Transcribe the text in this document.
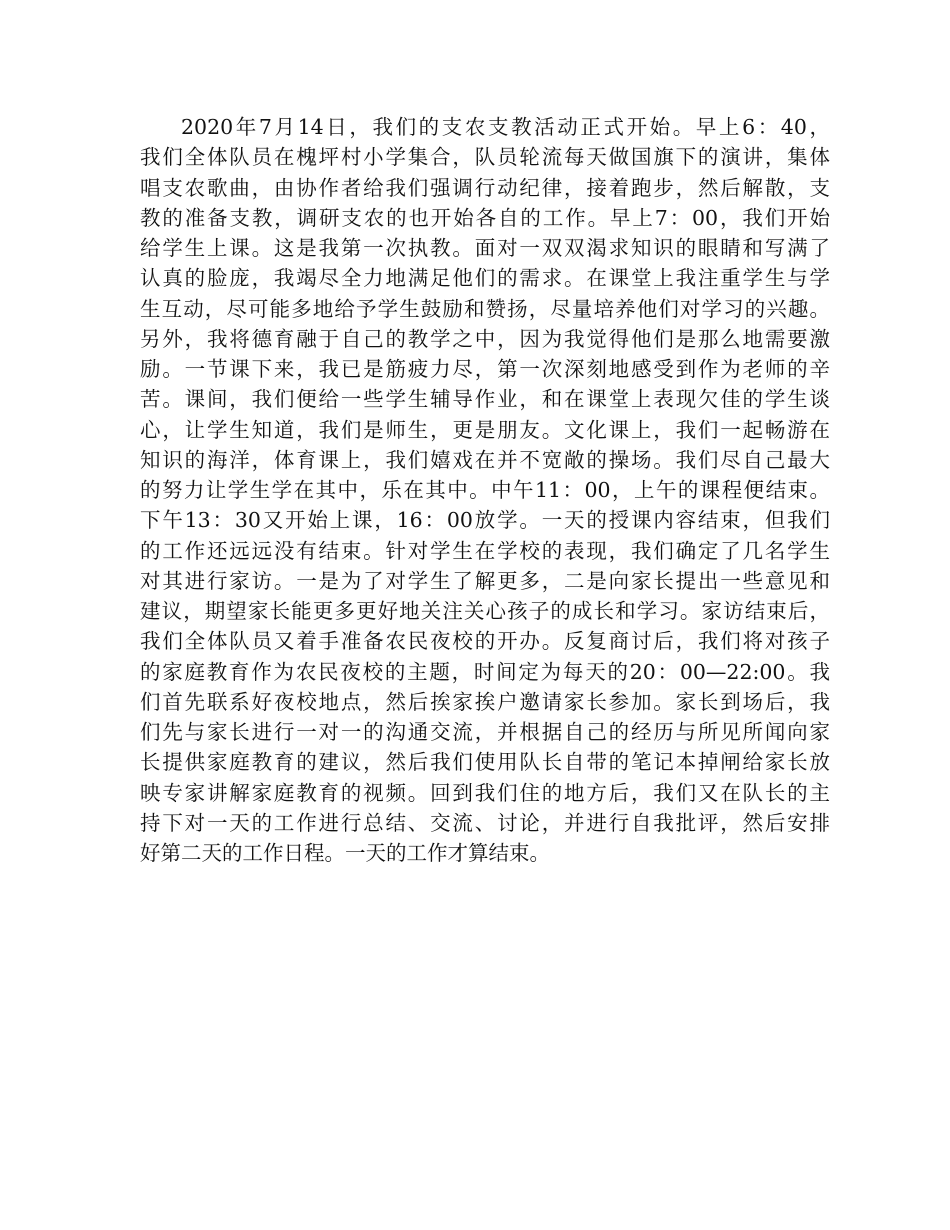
2020年7月14日，我们的支农支教活动正式开始。早上6：40，
我们全体队员在槐坪村小学集合，队员轮流每天做国旗下的演讲，集体
唱支农歌曲，由协作者给我们强调行动纪律，接着跑步，然后解散，支
教的准备支教，调研支农的也开始各自的工作。早上7：00，我们开始
给学生上课。这是我第一次执教。面对一双双渴求知识的眼睛和写满了
认真的脸庞，我竭尽全力地满足他们的需求。在课堂上我注重学生与学
生互动，尽可能多地给予学生鼓励和赞扬，尽量培养他们对学习的兴趣。
另外，我将德育融于自己的教学之中，因为我觉得他们是那么地需要激
励。一节课下来，我已是筋疲力尽，第一次深刻地感受到作为老师的辛
苦。课间，我们便给一些学生辅导作业，和在课堂上表现欠佳的学生谈
心，让学生知道，我们是师生，更是朋友。文化课上，我们一起畅游在
知识的海洋，体育课上，我们嬉戏在并不宽敞的操场。我们尽自己最大
的努力让学生学在其中，乐在其中。中午11：00，上午的课程便结束。
下午13：30又开始上课，16：00放学。一天的授课内容结束，但我们
的工作还远远没有结束。针对学生在学校的表现，我们确定了几名学生
对其进行家访。一是为了对学生了解更多，二是向家长提出一些意见和
建议，期望家长能更多更好地关注关心孩子的成长和学习。家访结束后，
我们全体队员又着手准备农民夜校的开办。反复商讨后，我们将对孩子
的家庭教育作为农民夜校的主题，时间定为每天的20：00—22:00。我
们首先联系好夜校地点，然后挨家挨户邀请家长参加。家长到场后，我
们先与家长进行一对一的沟通交流，并根据自己的经历与所见所闻向家
长提供家庭教育的建议，然后我们使用队长自带的笔记本掉闸给家长放
映专家讲解家庭教育的视频。回到我们住的地方后，我们又在队长的主
持下对一天的工作进行总结、交流、讨论，并进行自我批评，然后安排
好第二天的工作日程。一天的工作才算结束。
